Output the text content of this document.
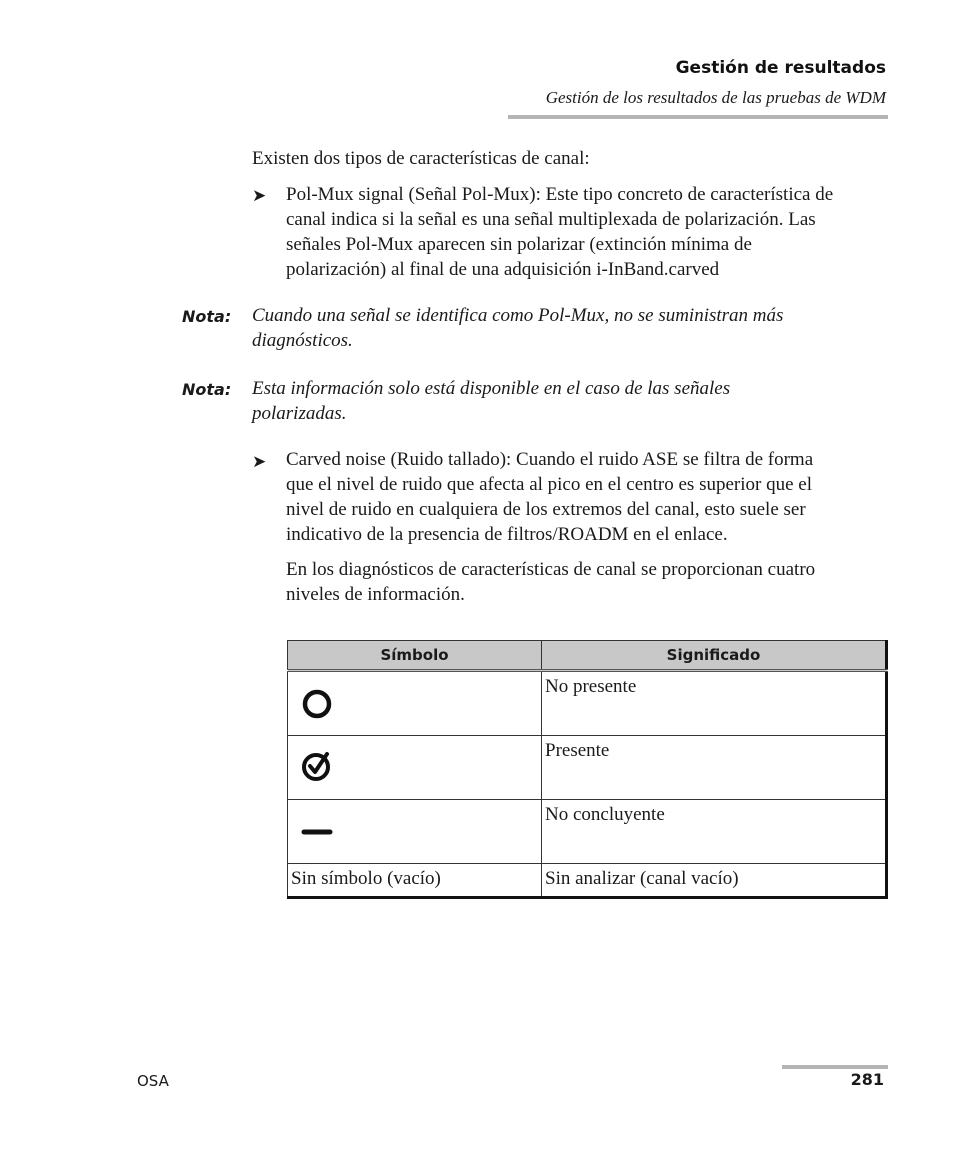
Gestión de resultados
Gestión de los resultados de las pruebas de WDM
Existen dos tipos de características de canal:
➤ Pol-Mux signal (Señal Pol-Mux): Este tipo concreto de característica de
canal indica si la señal es una señal multiplexada de polarización. Las
señales Pol-Mux aparecen sin polarizar (extinción mínima de
polarización) al final de una adquisición i-InBand.carved
Nota: Cuando una señal se identifica como Pol-Mux, no se suministran más
diagnósticos.
Nota: Esta información solo está disponible en el caso de las señales
polarizadas.
➤ Carved noise (Ruido tallado): Cuando el ruido ASE se filtra de forma
que el nivel de ruido que afecta al pico en el centro es superior que el
nivel de ruido en cualquiera de los extremos del canal, esto suele ser
indicativo de la presencia de filtros/ROADM en el enlace.
En los diagnósticos de características de canal se proporcionan cuatro
niveles de información.
Símbolo	Significado

	No presente

	Presente

	No concluyente
Sin símbolo (vacío)	Sin analizar (canal vacío)
OSA	281
